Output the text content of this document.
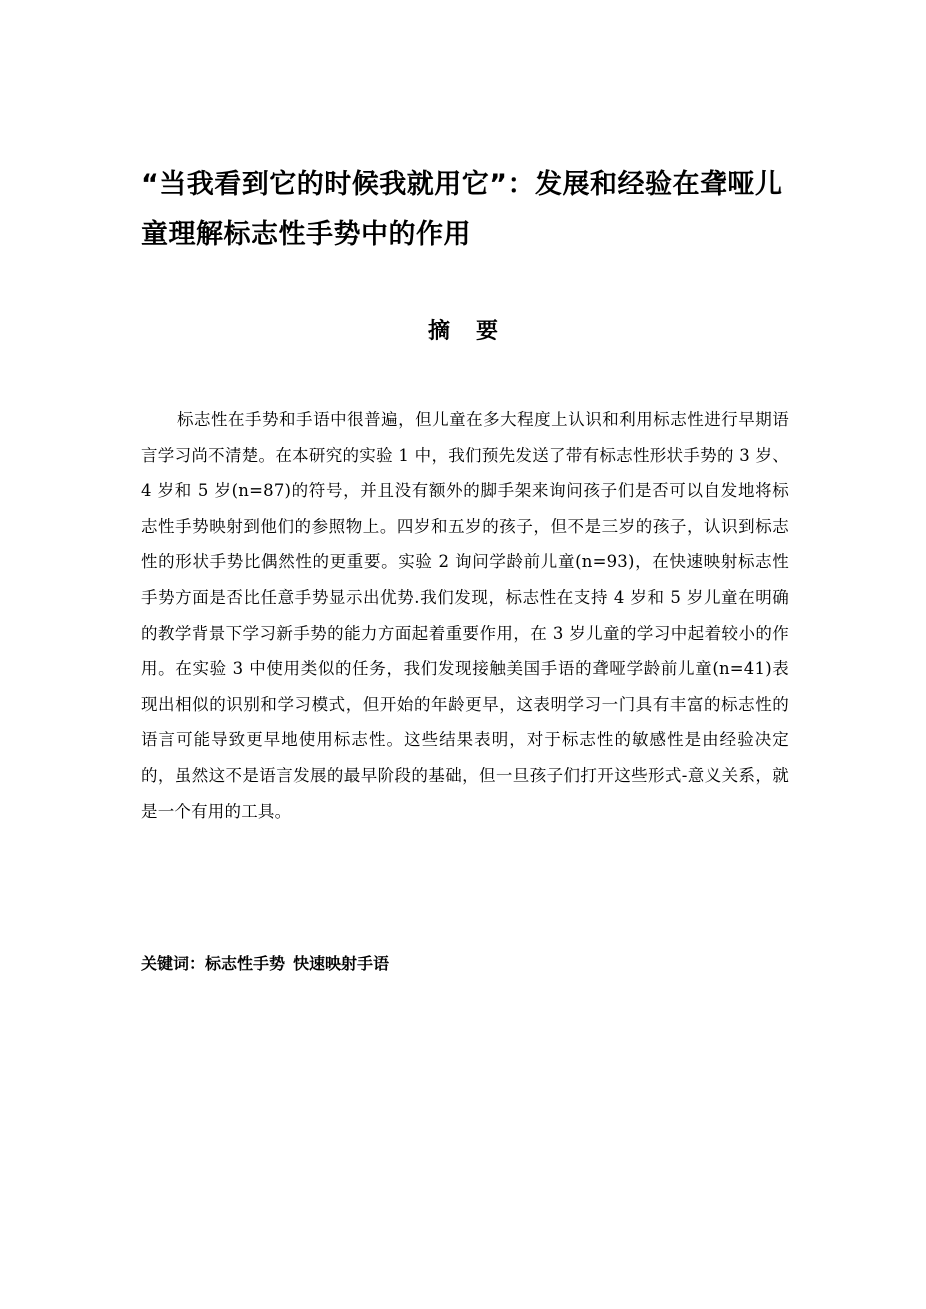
“当我看到它的时候我就用它”：发展和经验在聋哑儿童理解标志性手势中的作用
摘要

标志性在手势和手语中很普遍，但儿童在多大程度上认识和利用标志性进行早期语言学习尚不清楚。在本研究的实验 1 中，我们预先发送了带有标志性形状手势的 3 岁、4 岁和 5 岁(n=87)的符号，并且没有额外的脚手架来询问孩子们是否可以自发地将标志性手势映射到他们的参照物上。四岁和五岁的孩子，但不是三岁的孩子，认识到标志性的形状手势比偶然性的更重要。实验 2 询问学龄前儿童(n=93)，在快速映射标志性手势方面是否比任意手势显示出优势.我们发现，标志性在支持 4 岁和 5 岁儿童在明确的教学背景下学习新手势的能力方面起着重要作用，在 3 岁儿童的学习中起着较小的作用。在实验 3 中使用类似的任务，我们发现接触美国手语的聋哑学龄前儿童(n=41)表现出相似的识别和学习模式，但开始的年龄更早，这表明学习一门具有丰富的标志性的语言可能导致更早地使用标志性。这些结果表明，对于标志性的敏感性是由经验决定的，虽然这不是语言发展的最早阶段的基础，但一旦孩子们打开这些形式-意义关系，就是一个有用的工具。

关键词：标志性手势 快速映射手语
